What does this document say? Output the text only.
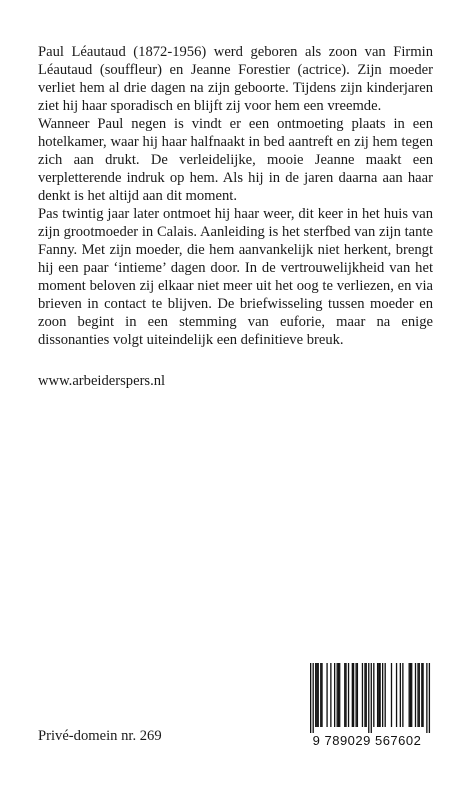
Paul Léautaud (1872-1956) werd geboren als zoon van Firmin Léautaud (souffleur) en Jeanne Forestier (actrice). Zijn moeder verliet hem al drie dagen na zijn geboorte. Tijdens zijn kinderjaren ziet hij haar sporadisch en blijft zij voor hem een vreemde.

Wanneer Paul negen is vindt er een ontmoeting plaats in een hotelkamer, waar hij haar halfnaakt in bed aantreft en zij hem tegen zich aan drukt. De verleidelijke, mooie Jeanne maakt een verpletterende indruk op hem. Als hij in de jaren daarna aan haar denkt is het altijd aan dit moment.

Pas twintig jaar later ontmoet hij haar weer, dit keer in het huis van zijn grootmoeder in Calais. Aanleiding is het sterfbed van zijn tante Fanny. Met zijn moeder, die hem aanvankelijk niet herkent, brengt hij een paar ‘intieme’ dagen door. In de vertrouwelijkheid van het moment beloven zij elkaar niet meer uit het oog te verliezen, en via brieven in contact te blijven. De briefwisseling tussen moeder en zoon begint in een stemming van euforie, maar na enige dissonanties volgt uiteindelijk een definitieve breuk.

www.arbeiderspers.nl
Privé-domein nr. 269	9 789029 567602
